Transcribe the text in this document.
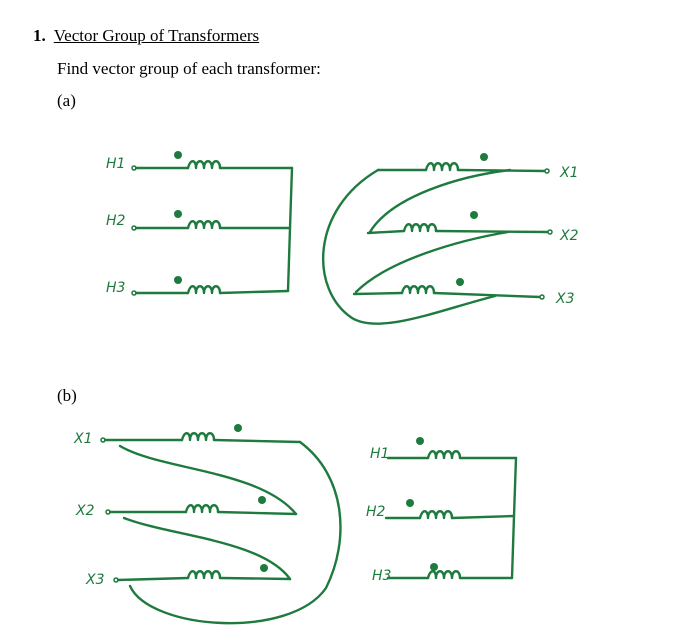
1. Vector Group of Transformers
Find vector group of each transformer:
(a)
(b)
H1
H2
H3
X1
X2
X3
X1
X2
X3
H1
H2
H3
